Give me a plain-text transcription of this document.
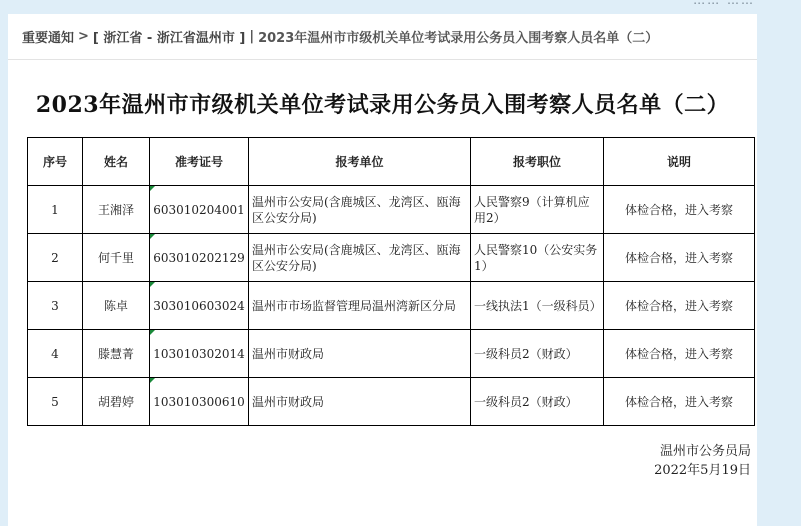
…… ……
重要通知 > [ 浙江省 - 浙江省温州市 ] | 2023年温州市市级机关单位考试录用公务员入围考察人员名单（二）
2023年温州市市级机关单位考试录用公务员入围考察人员名单（二）
序号	姓名	准考证号	报考单位	报考职位	说明
1	王湘泽	603010204001	温州市公安局(含鹿城区、龙湾区、瓯海区公安分局)	人民警察9（计算机应用2）	体检合格，进入考察
2	何千里	603010202129	温州市公安局(含鹿城区、龙湾区、瓯海区公安分局)	人民警察10（公安实务1）	体检合格，进入考察
3	陈卓	303010603024	温州市市场监督管理局温州湾新区分局	一线执法1（一级科员）	体检合格，进入考察
4	滕慧菁	103010302014	温州市财政局	一级科员2（财政）	体检合格，进入考察
5	胡碧婷	103010300610	温州市财政局	一级科员2（财政）	体检合格，进入考察
温州市公务员局
2022年5月19日
